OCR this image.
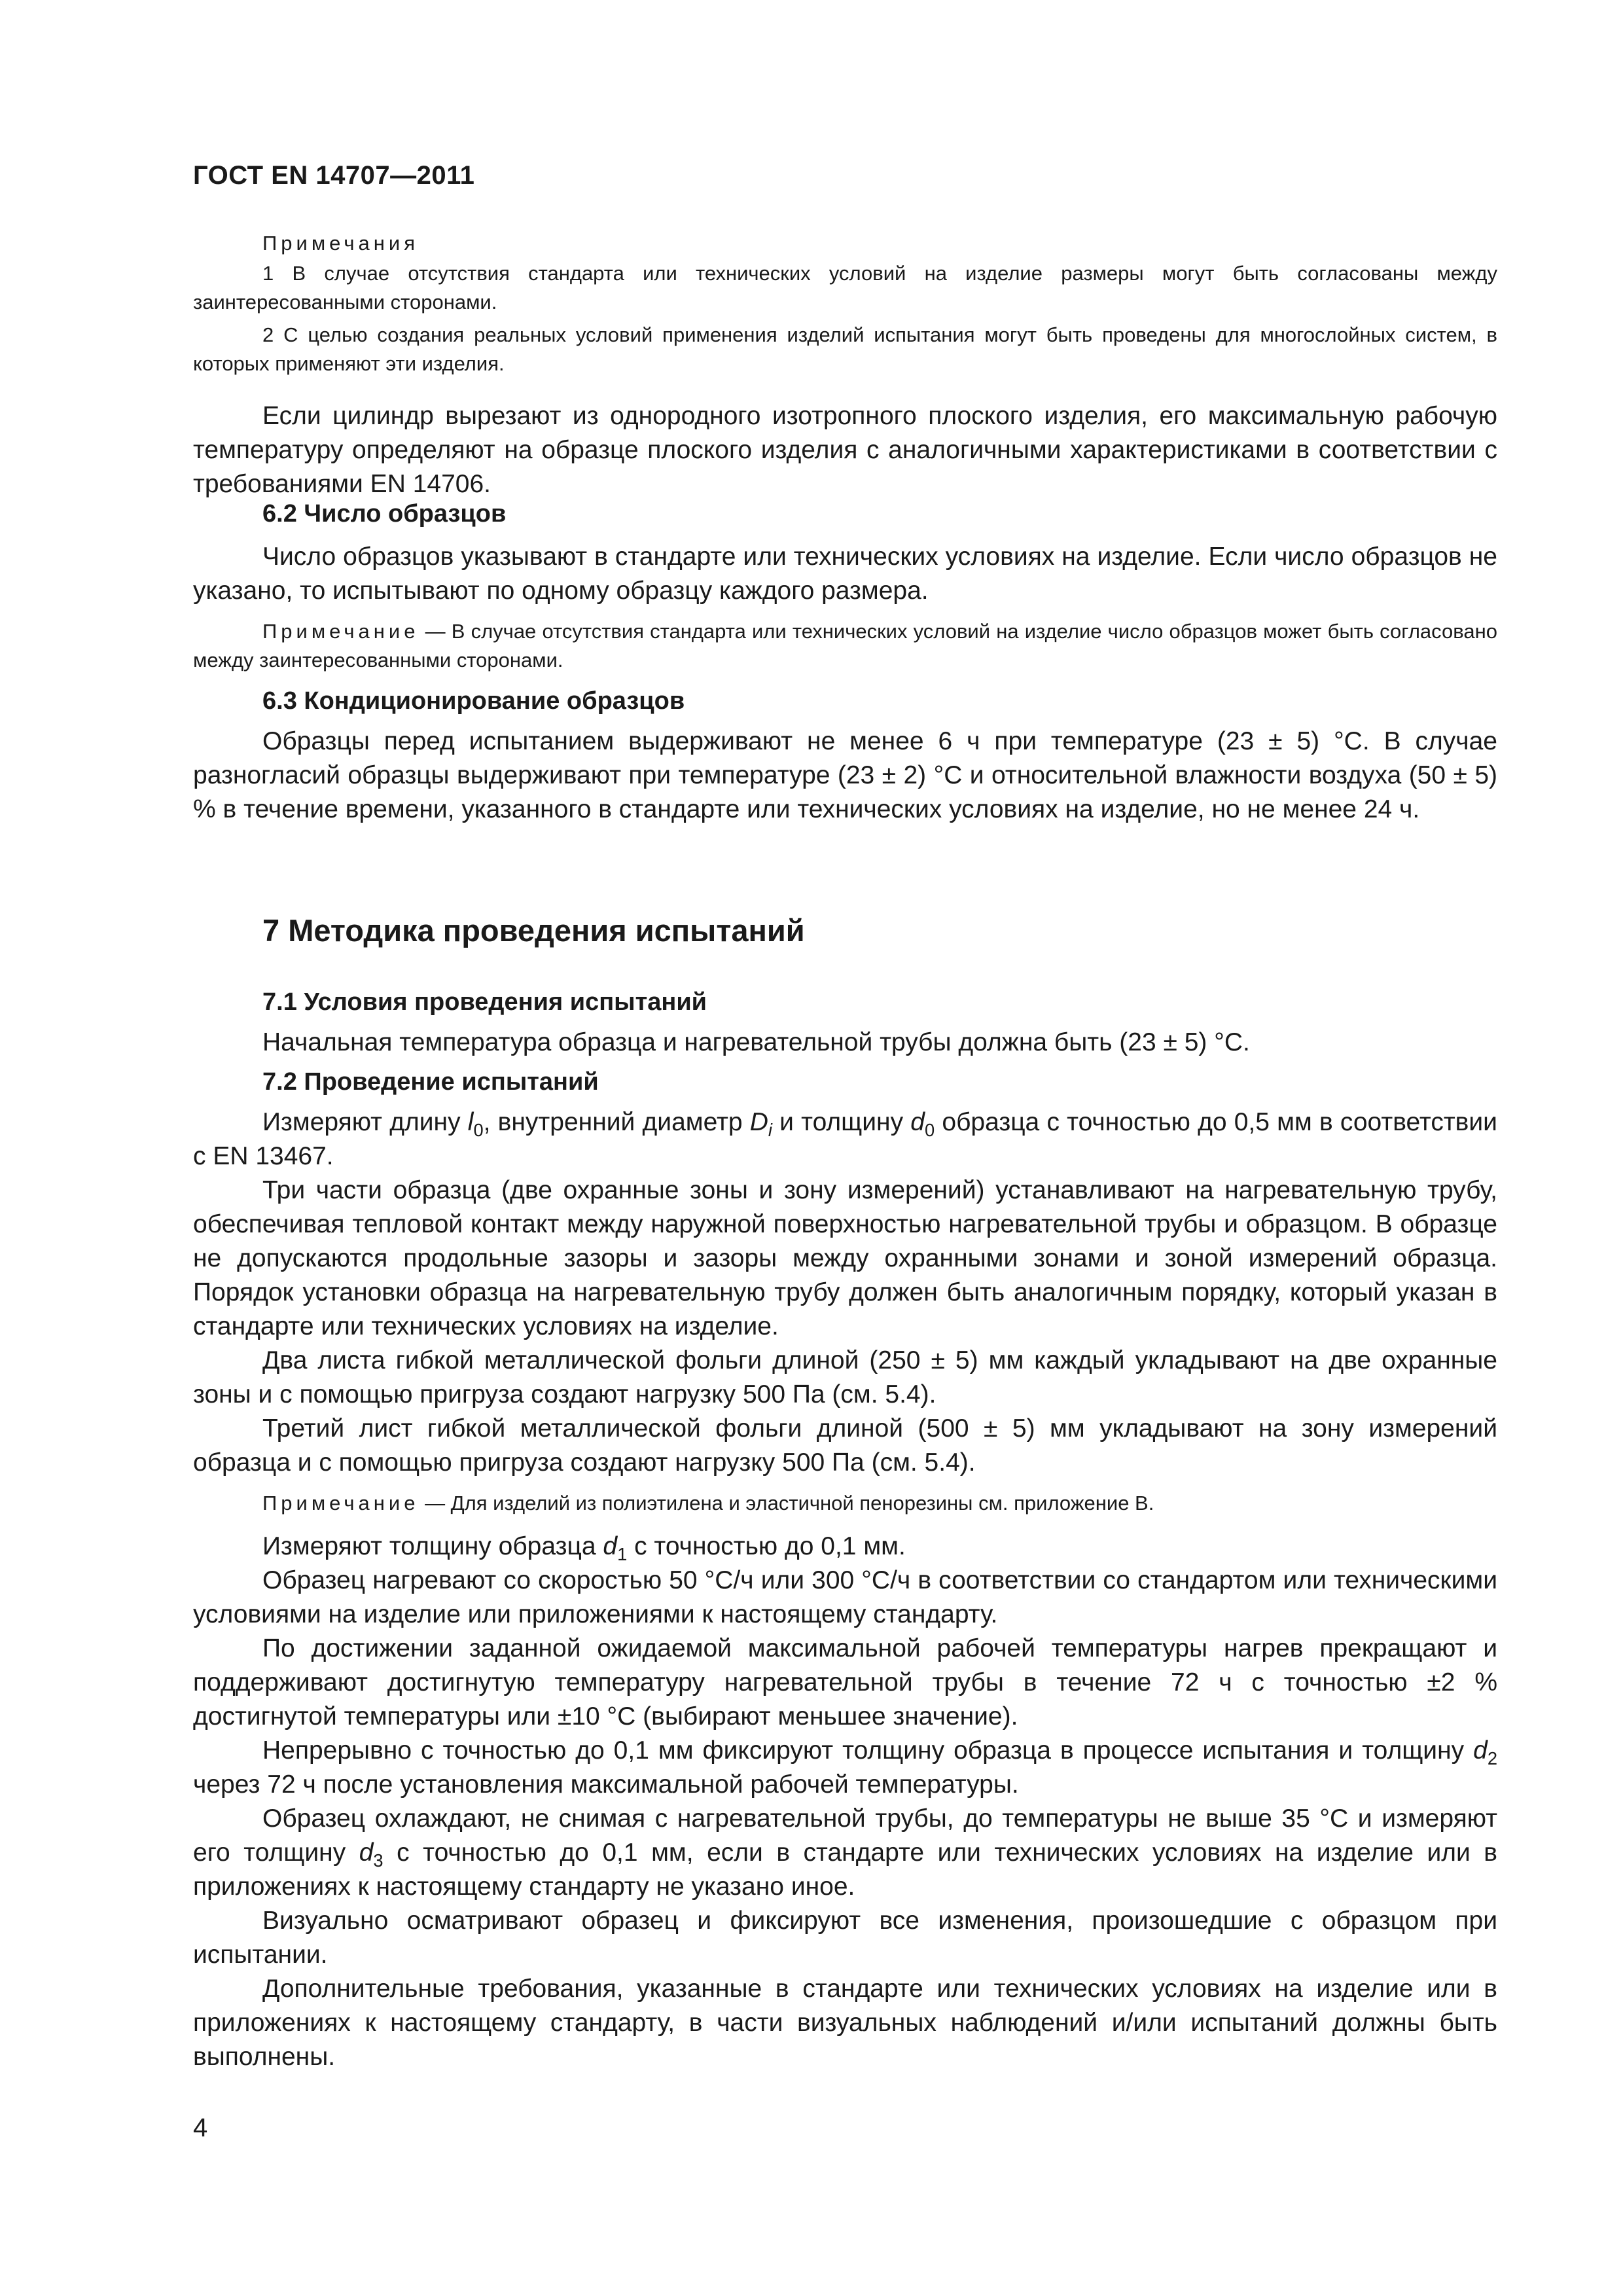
ГОСТ EN 14707—2011

Примечания

1 В случае отсутствия стандарта или технических условий на изделие размеры могут быть согласованы между заинтересованными сторонами.

2 С целью создания реальных условий применения изделий испытания могут быть проведены для многослойных систем, в которых применяют эти изделия.

Если цилиндр вырезают из однородного изотропного плоского изделия, его максимальную рабочую температуру определяют на образце плоского изделия с аналогичными характеристиками в соответствии с требованиями EN 14706.

6.2 Число образцов

Число образцов указывают в стандарте или технических условиях на изделие. Если число образцов не указано, то испытывают по одному образцу каждого размера.

Примечание — В случае отсутствия стандарта или технических условий на изделие число образцов может быть согласовано между заинтересованными сторонами.

6.3 Кондиционирование образцов

Образцы перед испытанием выдерживают не менее 6 ч при температуре (23 ± 5) °С. В случае разногласий образцы выдерживают при температуре (23 ± 2) °С и относительной влажности воздуха (50 ± 5) % в течение времени, указанного в стандарте или технических условиях на изделие, но не менее 24 ч.

7 Методика проведения испытаний

7.1 Условия проведения испытаний

Начальная температура образца и нагревательной трубы должна быть (23 ± 5) °С.

7.2 Проведение испытаний

Измеряют длину $l_0$, внутренний диаметр $D_i$ и толщину $d_0$ образца с точностью до 0,5 мм в соответствии с EN 13467.

Три части образца (две охранные зоны и зону измерений) устанавливают на нагревательную трубу, обеспечивая тепловой контакт между наружной поверхностью нагревательной трубы и образцом. В образце не допускаются продольные зазоры и зазоры между охранными зонами и зоной измерений образца. Порядок установки образца на нагревательную трубу должен быть аналогичным порядку, который указан в стандарте или технических условиях на изделие.

Два листа гибкой металлической фольги длиной (250 ± 5) мм каждый укладывают на две охранные зоны и с помощью пригруза создают нагрузку 500 Па (см. 5.4).

Третий лист гибкой металлической фольги длиной (500 ± 5) мм укладывают на зону измерений образца и с помощью пригруза создают нагрузку 500 Па (см. 5.4).

Примечание — Для изделий из полиэтилена и эластичной пенорезины см. приложение В.

Измеряют толщину образца $d_1$ с точностью до 0,1 мм.

Образец нагревают со скоростью 50 °С/ч или 300 °С/ч в соответствии со стандартом или техническими условиями на изделие или приложениями к настоящему стандарту.

По достижении заданной ожидаемой максимальной рабочей температуры нагрев прекращают и поддерживают достигнутую температуру нагревательной трубы в течение 72 ч с точностью ±2 % достигнутой температуры или ±10 °С (выбирают меньшее значение).

Непрерывно с точностью до 0,1 мм фиксируют толщину образца в процессе испытания и толщину $d_2$ через 72 ч после установления максимальной рабочей температуры.

Образец охлаждают, не снимая с нагревательной трубы, до температуры не выше 35 °С и измеряют его толщину $d_3$ с точностью до 0,1 мм, если в стандарте или технических условиях на изделие или в приложениях к настоящему стандарту не указано иное.

Визуально осматривают образец и фиксируют все изменения, произошедшие с образцом при испытании.

Дополнительные требования, указанные в стандарте или технических условиях на изделие или в приложениях к настоящему стандарту, в части визуальных наблюдений и/или испытаний должны быть выполнены.

4
